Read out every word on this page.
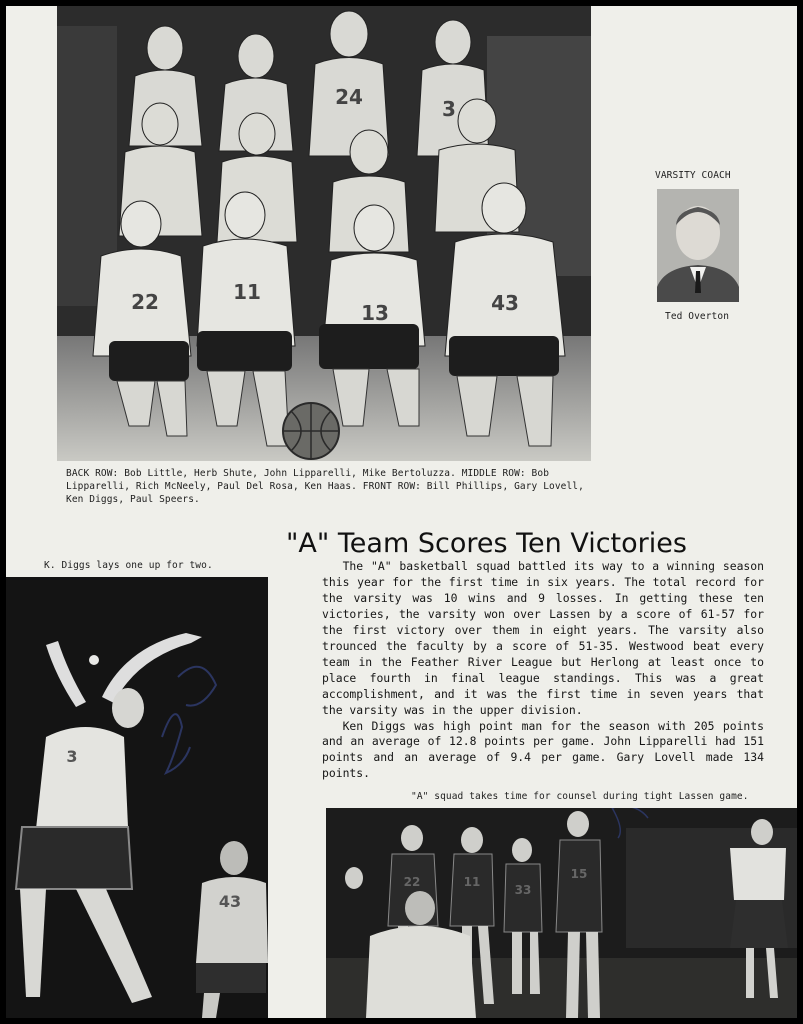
24	3
22	11
13	43
BACK ROW: Bob Little, Herb Shute, John Lipparelli, Mike Bertoluzza. MIDDLE ROW: Bob Lipparelli, Rich McNeely, Paul Del Rosa, Ken Haas. FRONT ROW: Bill Phillips, Gary Lovell, Ken Diggs, Paul Speers.
VARSITY COACH
Ted Overton
"A" Team Scores Ten Victories
K. Diggs lays one up for two.
3
43

The "A" basketball squad battled its way to a winning season this year for the first time in six years. The total record for the varsity was 10 wins and 9 losses. In getting these ten victories, the varsity won over Lassen by a score of 61-57 for the first victory over them in eight years. The varsity also trounced the faculty by a score of 51-35. Westwood beat every team in the Feather River League but Herlong at least once to place fourth in final league standings. This was a great accomplishment, and it was the first time in seven years that the varsity was in the upper division.

Ken Diggs was high point man for the season with 205 points and an average of 12.8 points per game. John Lipparelli had 151 points and an average of 9.4 per game. Gary Lovell made 134 points.

"A" squad takes time for counsel during tight Lassen game.
22	11
33
15
